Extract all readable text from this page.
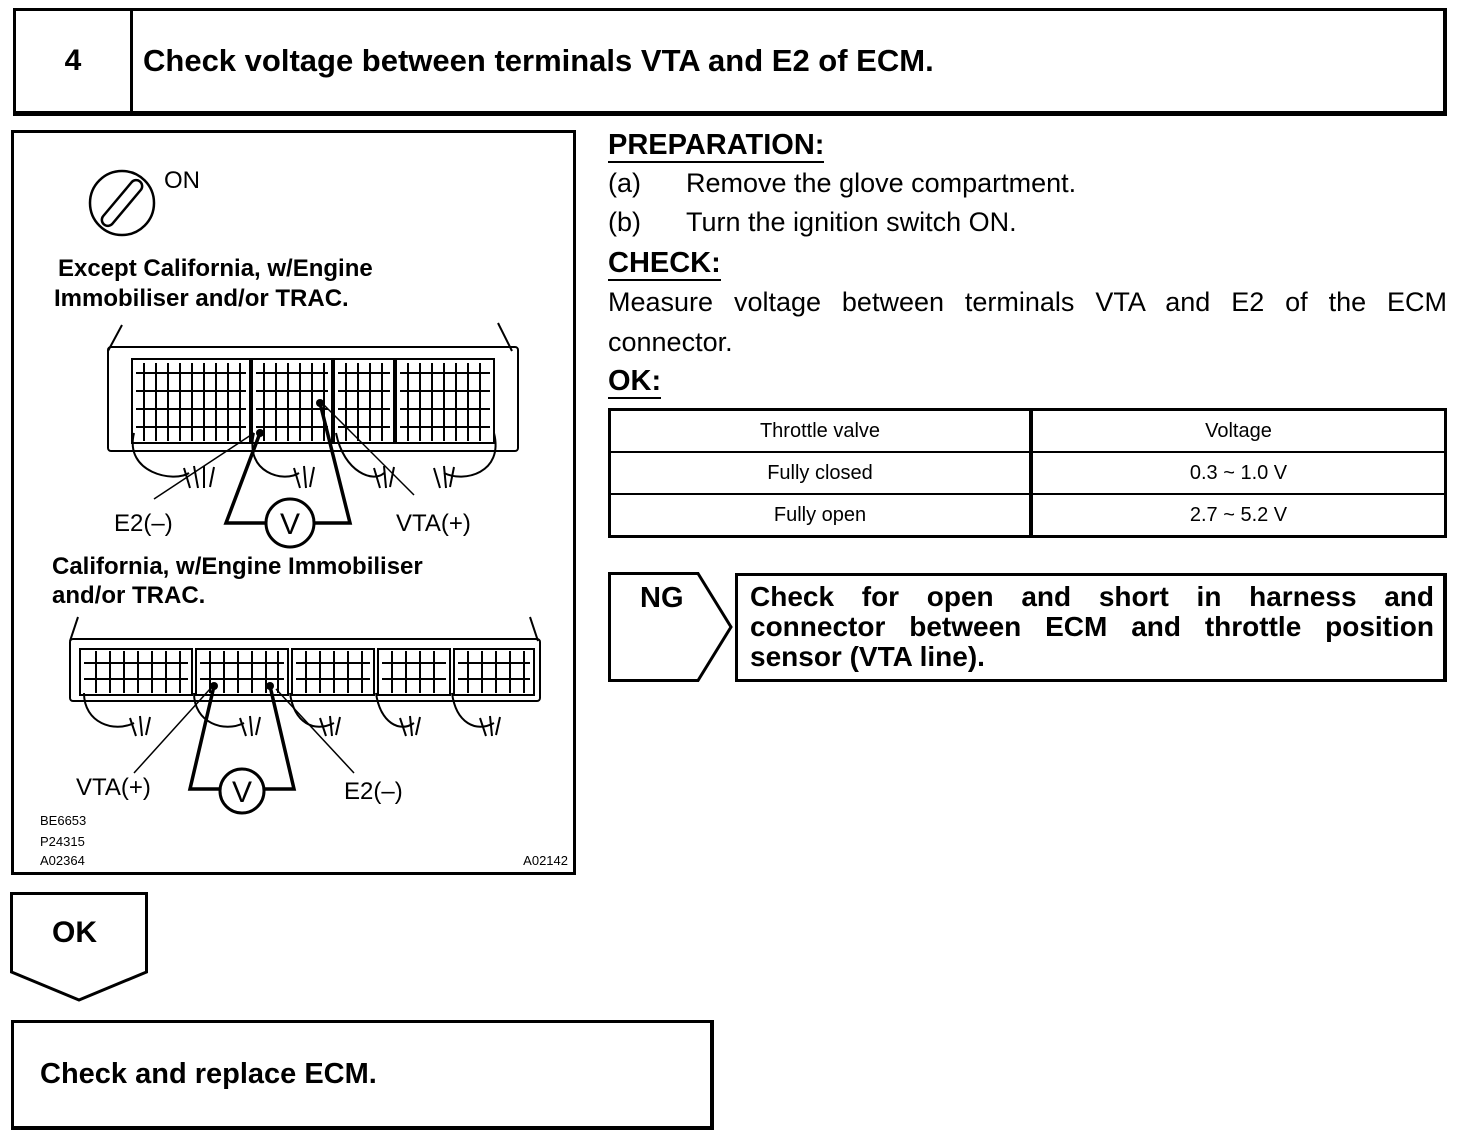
4	Check voltage between terminals VTA and E2 of ECM.
ON
Except California, w/Engine
Immobiliser and/or TRAC.
V
E2(–)	VTA(+)
California, w/Engine Immobiliser
and/or TRAC.
V
VTA(+)	E2(–)
BE6653
P24315
A02364	A02142
PREPARATION:
(a) Remove the glove compartment.
(b) Turn the ignition switch ON.
CHECK:
Measure voltage between terminals VTA and E2 of the ECM
connector.
OK:
Throttle valve	Voltage
Fully closed	0.3 ~ 1.0 V
Fully open	2.7 ~ 5.2 V
NG Check for open and short in harness and connector between ECM and throttle position sensor (VTA line).
OK
Check and replace ECM.
